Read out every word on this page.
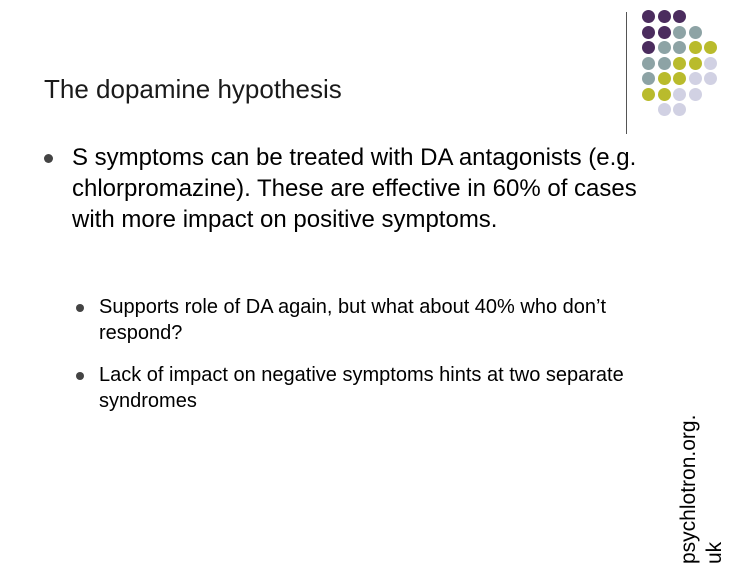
The dopamine hypothesis
S symptoms can be treated with DA antagonists (e.g. chlorpromazine). These are effective in 60% of cases with more impact on positive symptoms.
Supports role of DA again, but what about 40% who don’t respond?
Lack of impact on negative symptoms hints at two separate syndromes
psychlotron.org. uk
